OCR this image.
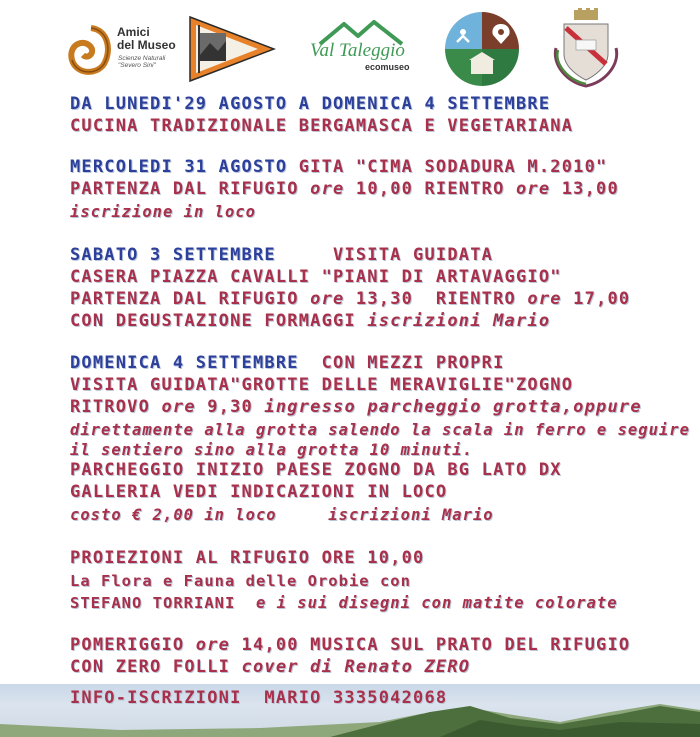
Amici
del Museo
Scienze Naturali
"Severo Sini"
Val Taleggio
ecomuseo
DA LUNEDI'29 AGOSTO A DOMENICA 4 SETTEMBRE
CUCINA TRADIZIONALE BERGAMASCA E VEGETARIANA
MERCOLEDI 31 AGOSTO GITA "CIMA SODADURA M.2010"
PARTENZA DAL RIFUGIO ore 10,00 RIENTRO ore 13,00
iscrizione in loco
SABATO 3 SETTEMBRE     VISITA GUIDATA
CASERA PIAZZA CAVALLI "PIANI DI ARTAVAGGIO"
PARTENZA DAL RIFUGIO ore 13,30  RIENTRO ore 17,00
CON DEGUSTAZIONE FORMAGGI iscrizioni Mario
DOMENICA 4 SETTEMBRE  CON MEZZI PROPRI
VISITA GUIDATA"GROTTE DELLE MERAVIGLIE"ZOGNO
RITROVO ore 9,30 ingresso parcheggio grotta,oppure
direttamente alla grotta salendo la scala in ferro e seguire
il sentiero sino alla grotta 10 minuti.
PARCHEGGIO INIZIO PAESE ZOGNO DA BG LATO DX
GALLERIA VEDI INDICAZIONI IN LOCO
costo € 2,00 in loco     iscrizioni Mario
PROIEZIONI AL RIFUGIO ORE 10,00
La Flora e Fauna delle Orobie con
STEFANO TORRIANI  e i sui disegni con matite colorate
POMERIGGIO ore 14,00 MUSICA SUL PRATO DEL RIFUGIO
CON ZERO FOLLI cover di Renato ZERO
INFO-ISCRIZIONI  MARIO 3335042068
